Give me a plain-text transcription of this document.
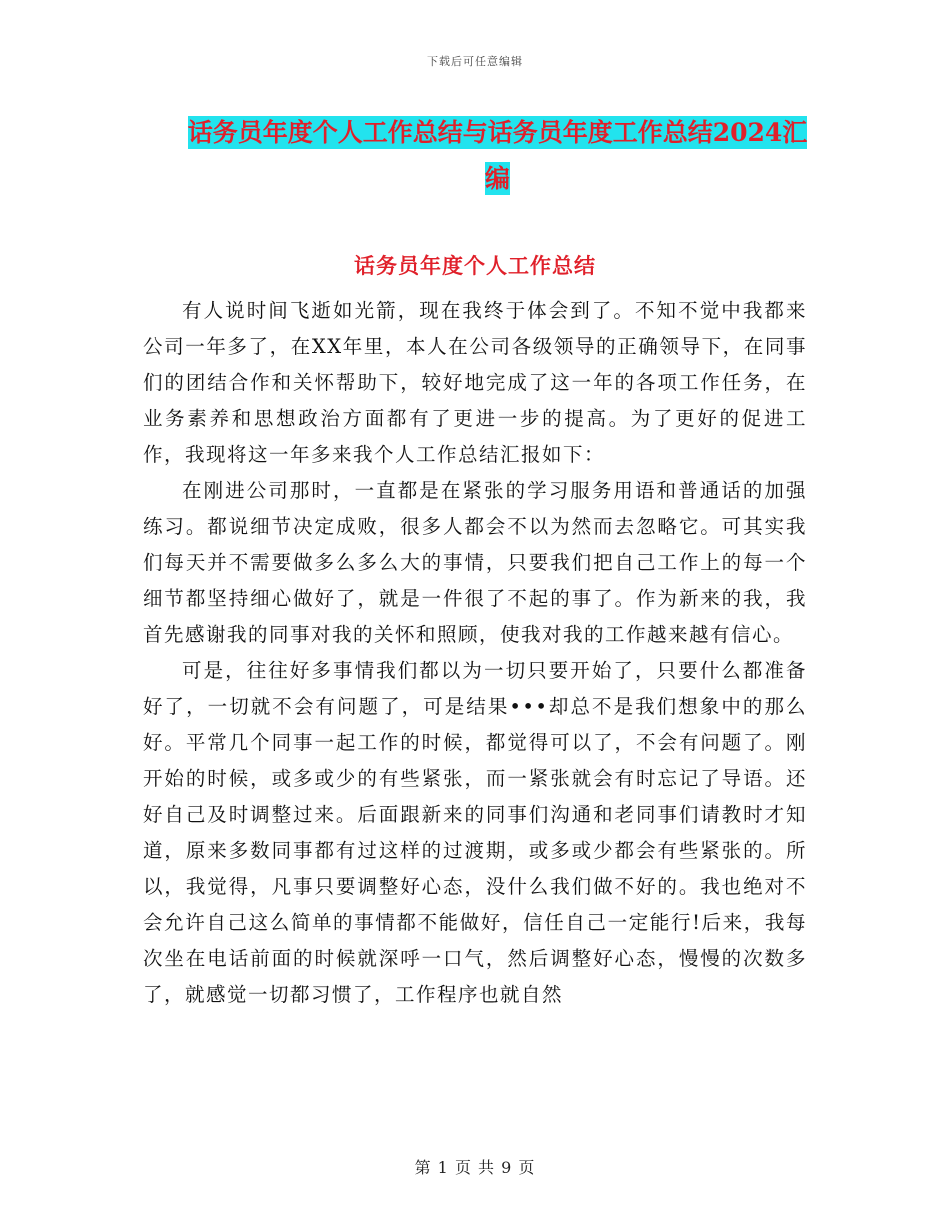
下载后可任意编辑
话务员年度个人工作总结与话务员年度工作总结2024汇编
话务员年度个人工作总结

有人说时间飞逝如光箭，现在我终于体会到了。不知不觉中我都来公司一年多了，在XX年里，本人在公司各级领导的正确领导下，在同事们的团结合作和关怀帮助下，较好地完成了这一年的各项工作任务，在业务素养和思想政治方面都有了更进一步的提高。为了更好的促进工作，我现将这一年多来我个人工作总结汇报如下：

在刚进公司那时，一直都是在紧张的学习服务用语和普通话的加强练习。都说细节决定成败，很多人都会不以为然而去忽略它。可其实我们每天并不需要做多么多么大的事情，只要我们把自己工作上的每一个细节都坚持细心做好了，就是一件很了不起的事了。作为新来的我，我首先感谢我的同事对我的关怀和照顾，使我对我的工作越来越有信心。

可是，往往好多事情我们都以为一切只要开始了，只要什么都准备好了，一切就不会有问题了，可是结果•••却总不是我们想象中的那么好。平常几个同事一起工作的时候，都觉得可以了，不会有问题了。刚开始的时候，或多或少的有些紧张，而一紧张就会有时忘记了导语。还好自己及时调整过来。后面跟新来的同事们沟通和老同事们请教时才知道，原来多数同事都有过这样的过渡期，或多或少都会有些紧张的。所以，我觉得，凡事只要调整好心态，没什么我们做不好的。我也绝对不会允许自己这么简单的事情都不能做好，信任自己一定能行!后来，我每次坐在电话前面的时候就深呼一口气，然后调整好心态，慢慢的次数多了，就感觉一切都习惯了，工作程序也就自然

第 1 页 共 9 页
